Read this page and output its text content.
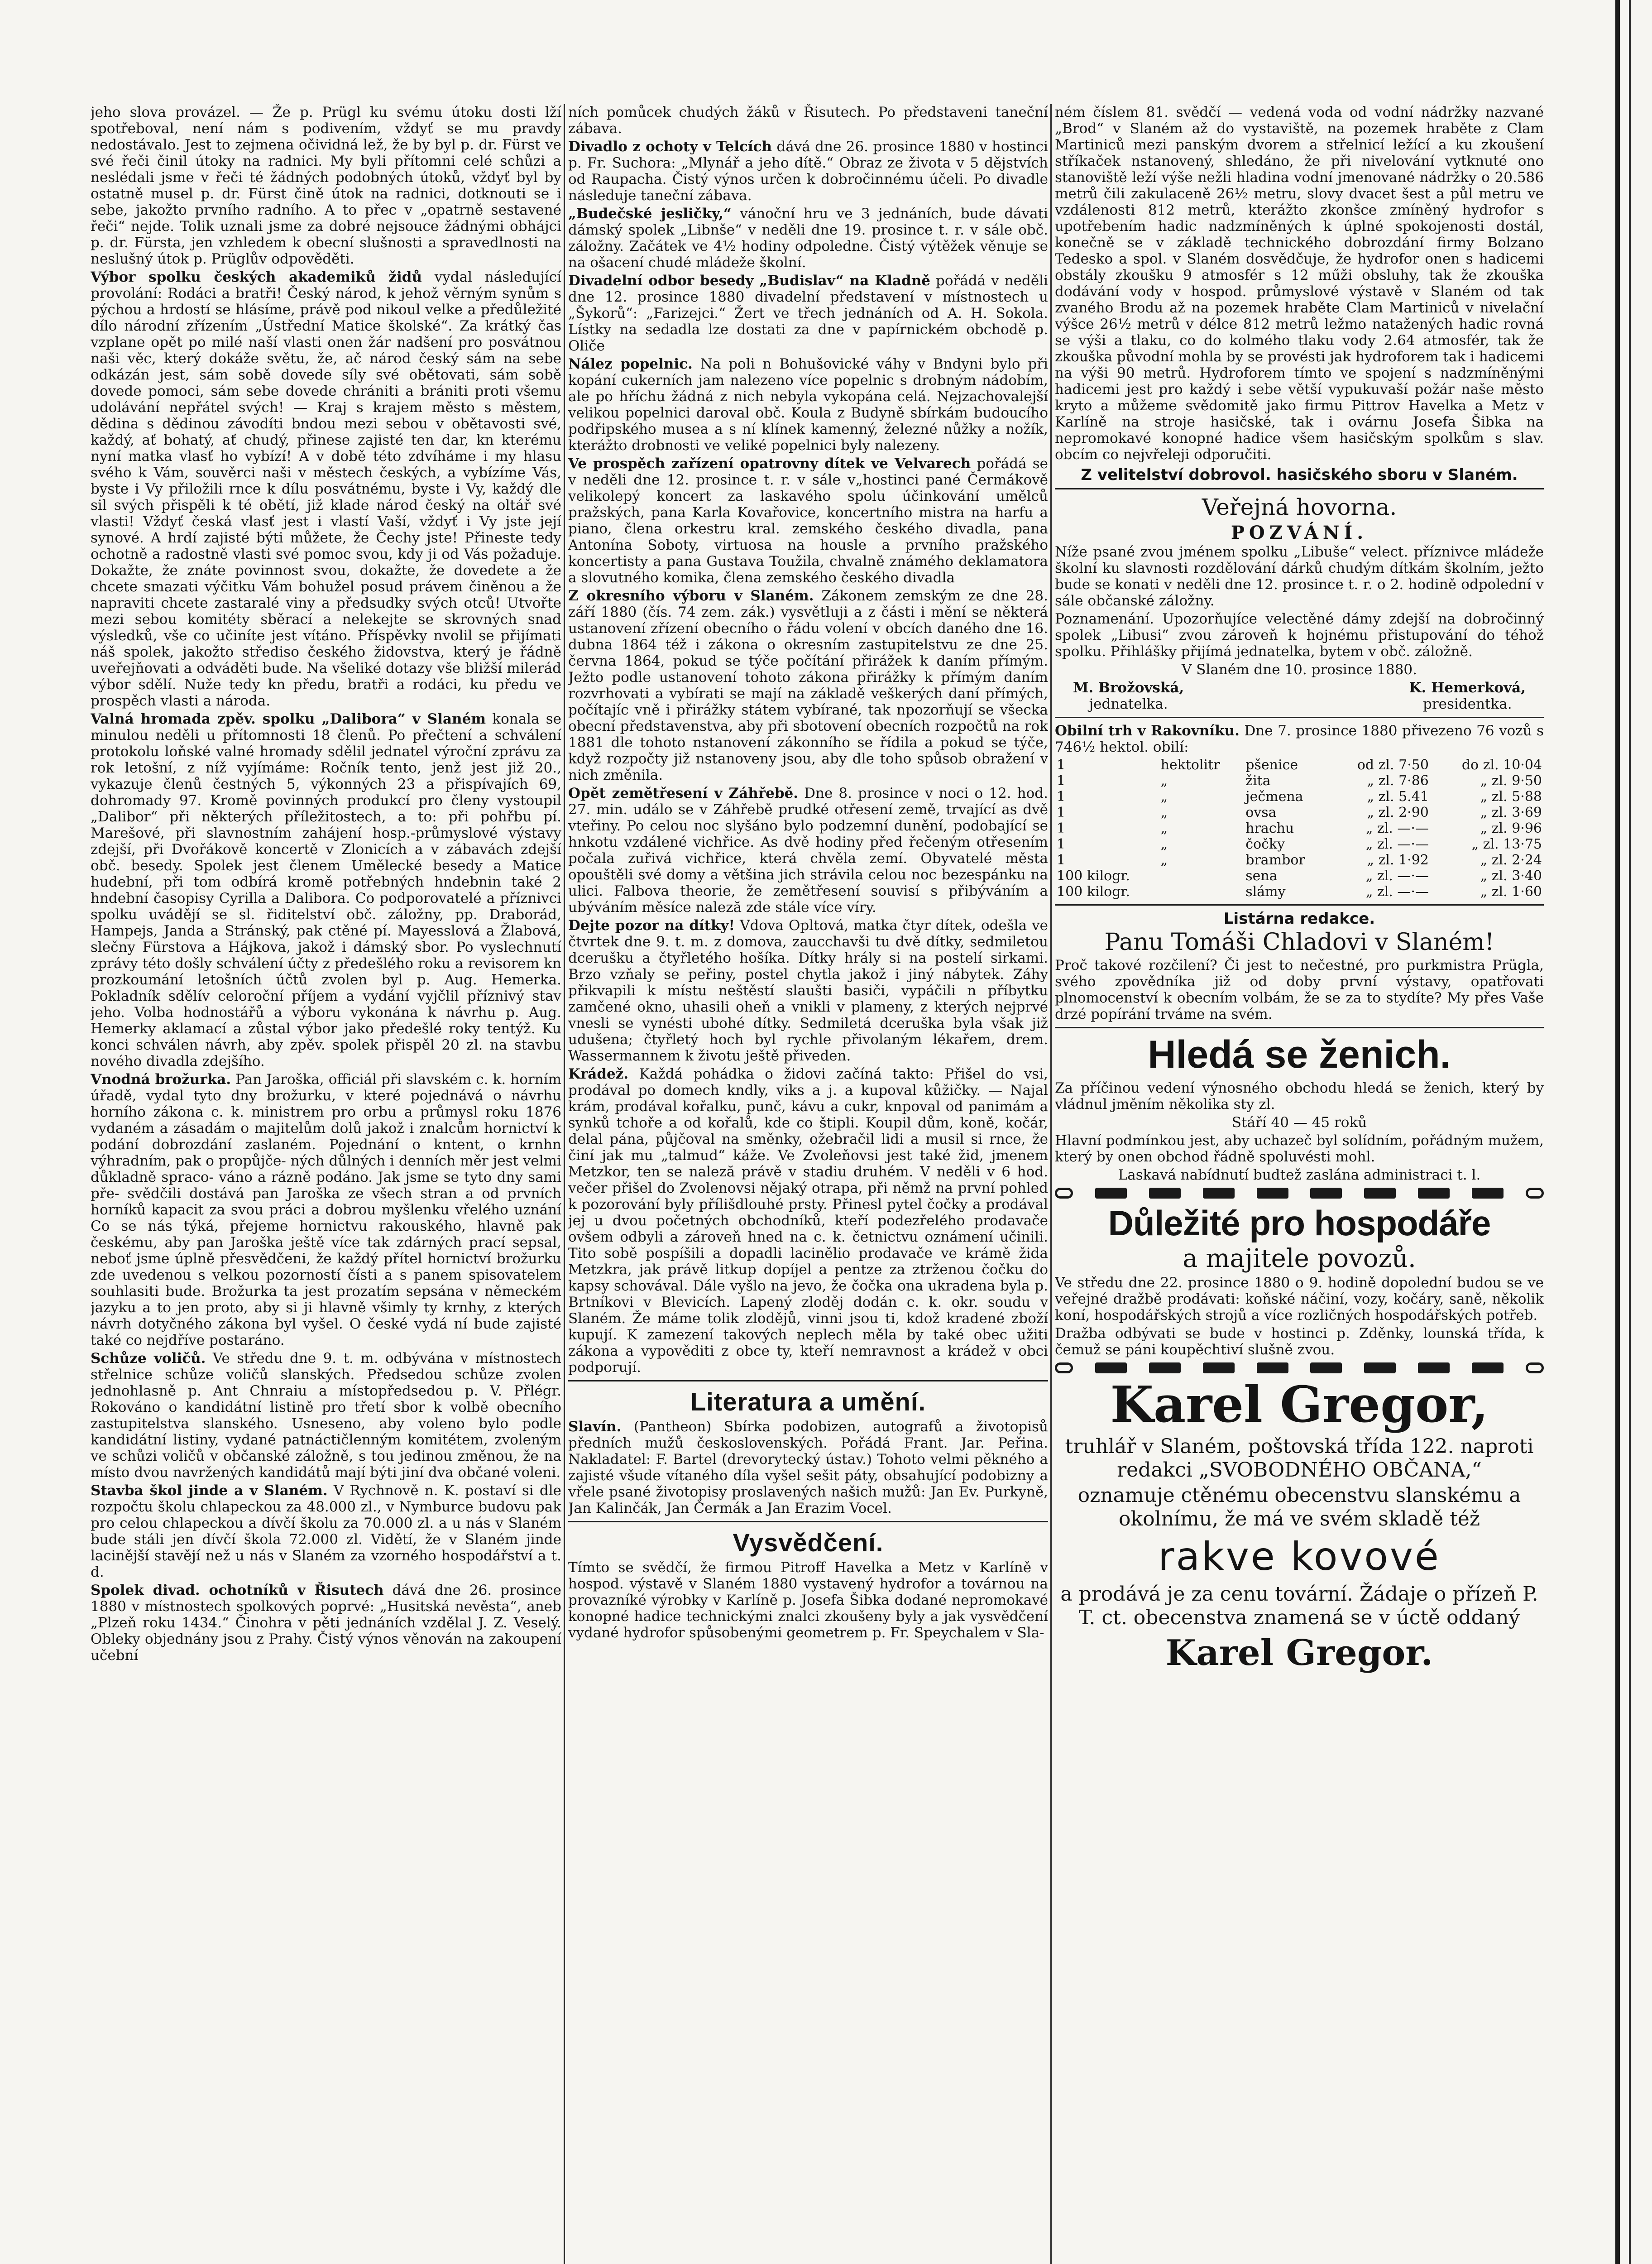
jeho slova provázel. — Že p. Prügl ku svému útoku dosti lží spotřeboval, není nám s podivením, vždyť se mu pravdy nedostávalo. Jest to zejmena očividná lež, že by byl p. dr. Fürst ve své řeči činil útoky na radnici. My byli přítomni celé schůzi a neslédali jsme v řeči té žádných podobných útoků, vždyť byl by ostatně musel p. dr. Fürst čině útok na radnici, dotknouti se i sebe, jakožto prvního radního. A to přec v „opatrně sestavené řeči“ nejde. Tolik uznali jsme za dobré nejsouce žádnými obhájci p. dr. Fürsta, jen vzhledem k obecní slušnosti a spravedlnosti na neslušný útok p. Prüglův odpověděti.

Výbor spolku českých akademiků židů vydal následující provolání: Rodáci a bratři! Český národ, k jehož věrným synům s pýchou a hrdostí se hlásíme, právě pod nikoul velke a předůležité dílo národní zřízením „Ústřední Matice školské“. Za krátký čas vzplane opět po milé naší vlasti onen žár nadšení pro posvátnou naši věc, který dokáže světu, že, ač národ český sám na sebe odkázán jest, sám sobě dovede síly své obětovati, sám sobě dovede pomoci, sám sebe dovede chrániti a brániti proti všemu udolávání nepřátel svých! — Kraj s krajem město s městem, dědina s dědinou závodíti bndou mezi sebou v obětavosti své, každý, ať bohatý, ať chudý, přinese zajisté ten dar, kn kterému nyní matka vlasť ho vybízí! A v době této zdvíháme i my hlasu svého k Vám, souvěrci naši v městech českých, a vybízíme Vás, byste i Vy přiložili rnce k dílu posvátnému, byste i Vy, každý dle sil svých přispěli k té obětí, již klade národ český na oltář své vlasti! Vždyť česká vlasť jest i vlastí Vaší, vždyť i Vy jste její synové. A hrdí zajisté býti můžete, že Čechy jste! Přineste tedy ochotně a radostně vlasti své pomoc svou, kdy ji od Vás požaduje. Dokažte, že znáte povinnost svou, dokažte, že dovedete a že chcete smazati výčitku Vám bohužel posud právem činěnou a že napraviti chcete zastaralé viny a předsudky svých otců! Utvořte mezi sebou komitéty sběrací a nelekejte se skrovných snad výsledků, vše co učiníte jest vítáno. Příspěvky nvolil se přijímati náš spolek, jakožto střediso českého židovstva, který je řádně uveřejňovati a odváděti bude. Na všeliké dotazy vše bližší milerád výbor sdělí. Nuže tedy kn předu, bratři a rodáci, ku předu ve prospěch vlasti a národa.

Valná hromada zpěv. spolku „Dalibora“ v Slaném konala se minulou neděli u přítomnosti 18 členů. Po přečtení a schválení protokolu loňské valné hromady sdělil jednatel výroční zprávu za rok letošní, z níž vyjímáme: Ročník tento, jenž jest již 20., vykazuje členů čestných 5, výkonných 23 a přispívajích 69, dohromady 97. Kromě povinných produkcí pro členy vystoupil „Dalibor“ při některých příležitostech, a to: při pohřbu pí. Marešové, při slavnostním zahájení hosp.-průmyslové výstavy zdejší, při Dvořákově koncertě v Zlonicích a v zábavách zdejší obč. besedy. Spolek jest členem Umělecké besedy a Matice hudební, při tom odbírá kromě potřebných hndebnin také 2 hndební časopisy Cyrilla a Dalibora. Co podporovatelé a příznivci spolku uvádějí se sl. řiditelství obč. záložny, pp. Draborád, Hampejs, Janda a Stránský, pak ctěné pí. Mayesslová a Žlabová, slečny Fürstova a Hájkova, jakož i dámský sbor. Po vyslechnutí zprávy této došly schválení účty z předešlého roku a revisorem kn prozkoumání letošních účtů zvolen byl p. Aug. Hemerka. Pokladník sdělív celoroční příjem a vydání vyjčlil příznivý stav jeho. Volba hodnostářů a výboru vykonána k návrhu p. Aug. Hemerky aklamací a zůstal výbor jako předešlé roky tentýž. Ku konci schválen návrh, aby zpěv. spolek přispěl 20 zl. na stavbu nového divadla zdejšího.

Vnodná brožurka. Pan Jaroška, officiál při slavském c. k. horním úřadě, vydal tyto dny brožurku, v které pojednává o návrhu horního zákona c. k. ministrem pro orbu a průmysl roku 1876 vydaném a zásadám o majitelům dolů jakož i znalcům hornictví k podání dobrozdání zaslaném. Pojednání o kntent, o krnhn výhradním, pak o propůjče- ných důlných i denních měr jest velmi důkladně spraco- váno a rázně podáno. Jak jsme se tyto dny sami pře- svědčili dostává pan Jaroška ze všech stran a od prvních horníků kapacit za svou práci a dobrou myšlenku vřelého uznání Co se nás týká, přejeme hornictvu rakouského, hlavně pak českému, aby pan Jaroška ještě více tak zdárných prací sepsal, neboť jsme úplně přesvědčeni, že každý přítel hornictví brožurku zde uvedenou s velkou pozorností čísti a s panem spisovatelem souhlasiti bude. Brožurka ta jest prozatím sepsána v německém jazyku a to jen proto, aby si ji hlavně všimly ty krnhy, z kterých návrh dotyčného zákona byl vyšel. O české vydá ní bude zajisté také co nejdříve postaráno.

Schůze voličů. Ve středu dne 9. t. m. odbývána v místnostech střelnice schůze voličů slanských. Předsedou schůze zvolen jednohlasně p. Ant Chnraiu a místopředsedou p. V. Přlégr. Rokováno o kandidátní listině pro třetí sbor k volbě obecního zastupitelstva slanského. Usneseno, aby voleno bylo podle kandidátní listiny, vydané patnáctičlenným komitétem, zvoleným ve schůzi voličů v občanské záložně, s tou jedinou změnou, že na místo dvou navržených kandidátů mají býti jiní dva občané voleni.

Stavba škol jinde a v Slaném. V Rychnově n. K. postaví si dle rozpočtu školu chlapeckou za 48.000 zl., v Nymburce budovu pak pro celou chlapeckou a dívčí školu za 70.000 zl. a u nás v Slaném bude stáli jen dívčí škola 72.000 zl. Vidětí, že v Slaném jinde lacinější stavějí než u nás v Slaném za vzorného hospodářství a t. d.

Spolek divad. ochotníků v Řisutech dává dne 26. prosince 1880 v místnostech spolkových poprvé: „Husitská nevěsta“, aneb „Plzeň roku 1434.“ Činohra v pěti jednáních vzdělal J. Z. Veselý. Obleky objednány jsou z Prahy. Čistý výnos věnován na zakoupení učební

ních pomůcek chudých žáků v Řisutech. Po představeni taneční zábava.

Divadlo z ochoty v Telcích dává dne 26. prosince 1880 v hostinci p. Fr. Suchora: „Mlynář a jeho dítě.“ Obraz ze života v 5 dějstvích od Raupacha. Čistý výnos určen k dobročinnému účeli. Po divadle následuje taneční zábava.

„Budečské jesličky,“ vánoční hru ve 3 jednáních, bude dávati dámský spolek „Libnše“ v neděli dne 19. prosince t. r. v sále obč. záložny. Začátek ve 4½ hodiny odpoledne. Čistý výtěžek věnuje se na ošacení chudé mládeže školní.

Divadelní odbor besedy „Budislav“ na Kladně pořádá v neděli dne 12. prosince 1880 divadelní představení v místnostech u „Šykorů“: „Farizejci.“ Žert ve třech jednáních od A. H. Sokola. Lístky na sedadla lze dostati za dne v papírnickém obchodě p. Oliče

Nález popelnic. Na poli n Bohušovické váhy v Bndyni bylo při kopání cukerních jam nalezeno více popelnic s drobným nádobím, ale po hříchu žádná z nich nebyla vykopána celá. Nejzachovalejší velikou popelnici daroval obč. Koula z Budyně sbírkám budoucího podřipského musea a s ní klínek kamenný, železné nůžky a nožík, kterážto drobnosti ve veliké popelnici byly nalezeny.

Ve prospěch zařízení opatrovny dítek ve Velvarech pořádá se v neděli dne 12. prosince t. r. v sále v„hostinci pané Čermákově velikolepý koncert za laskavého spolu účinkování umělců pražských, pana Karla Kovařovice, koncertního mistra na harfu a piano, člena orkestru kral. zemského českého divadla, pana Antonína Soboty, virtuosa na housle a prvního pražského koncertisty a pana Gustava Toužila, chvalně známého deklamatora a slovutného komika, člena zemského českého divadla

Z okresního výboru v Slaném. Zákonem zemským ze dne 28. září 1880 (čís. 74 zem. zák.) vysvětluji a z části i mění se některá ustanovení zřízení obecního o řádu volení v obcích daného dne 16. dubna 1864 též i zákona o okresním zastupitelstvu ze dne 25. června 1864, pokud se týče počítání přirážek k daním přímým. Ježto podle ustanovení tohoto zákona přirážky k přímým daním rozvrhovati a vybírati se mají na základě veškerých daní přímých, počítajíc vně i přirážky státem vybírané, tak npozorňují se všecka obecní představenstva, aby při sbotovení obecních rozpočtů na rok 1881 dle tohoto nstanovení zákonního se řídila a pokud se týče, když rozpočty již nstanoveny jsou, aby dle toho spůsob obražení v nich změnila.

Opět zemětřesení v Záhřebě. Dne 8. prosince v noci o 12. hod. 27. min. událo se v Záhřebě prudké otřesení země, trvající as dvě vteřiny. Po celou noc slyšáno bylo podzemní dunění, podobající se hnkotu vzdálené vichřice. As dvě hodiny před řečeným otřesením počala zuřivá vichřice, která chvěla zemí. Obyvatelé města opouštěli své domy a většina jich strávila celou noc bezespánku na ulici. Falbova theorie, že zemětřesení souvisí s přibýváním a ubýváním měsíce naleză zde stále více víry.

Dejte pozor na dítky! Vdova Opltová, matka čtyr dítek, odešla ve čtvrtek dne 9. t. m. z domova, zaucchavši tu dvě dítky, sedmiletou dcerušku a čtyřletého hošíka. Dítky hrály si na postelí sirkami. Brzo vzňaly se peřiny, postel chytla jakož i jiný nábytek. Záhy přikvapili k místu neštěstí slaušti basiči, vypáčili n příbytku zamčené okno, uhasili oheň a vnikli v plameny, z kterých nejprvé vnesli se vynésti ubohé dítky. Sedmiletá dceruška byla však již udušena; čtyřletý hoch byl rychle přivolaným lékařem, drem. Wassermannem k životu ještě přiveden.

Krádež. Každá pohádka o židovi začíná takto: Přišel do vsi, prodával po domech kndly, viks a j. a kupoval kůžičky. — Najal krám, prodával kořalku, punč, kávu a cukr, knpoval od panimám a synků tchoře a od kořalů, kde co štipli. Koupil dům, koně, kočár, delal pána, půjčoval na směnky, ožebračil lidi a musil si rnce, že činí jak mu „talmud“ káže. Ve Zvoleňovsi jest také žid, jmenem Metzkor, ten se naleză právě v stadiu druhém. V neděli v 6 hod. večer přišel do Zvolenovsi nějaký otrapa, při němž na první pohled k pozorování byly přílišdlouhé prsty. Přinesl pytel čočky a prodával jej u dvou početných obchodníků, kteří podezřelého prodavače ovšem odbyli a zároveň hned na c. k. četnictvu oznámení učinili. Tito sobě pospíšili a dopadli lacinělio prodavače ve krámě žida Metzkra, jak právě litkup dopíjel a pentze za ztrženou čočku do kapsy schovával. Dále vyšlo na jevo, že čočka ona ukradena byla p. Brtníkovi v Blevicích. Lapený zloděj dodán c. k. okr. soudu v Slaném. Že máme tolik zlodějů, vinni jsou ti, kdož kradené zboží kupují. K zamezení takových neplech měla by také obec užiti zákona a vypověditi z obce ty, kteří nemravnost a krádež v obci podporují.

Literatura a umění.

Slavín. (Pantheon) Sbírka podobizen, autografů a životopisů předních mužů československých. Pořádá Frant. Jar. Peřina. Nakladatel: F. Bartel (drevorytecký ústav.) Tohoto velmi pěkného a zajisté všude vítaného díla vyšel sešit páty, obsahující podobizny a vřele psané životopisy proslavených našich mužů: Jan Ev. Purkyně, Jan Kalinčák, Jan Čermák a Jan Erazim Vocel.

Vysvědčení.

Tímto se svědčí, že firmou Pitroff Havelka a Metz v Karlíně v hospod. výstavě v Slaném 1880 vystavený hydrofor a továrnou na provazníké výrobky v Karlíně p. Josefa Šibka dodané nepromokavé konopné hadice technickými znalci zkoušeny byly a jak vysvědčení vydané hydrofor spůsobenými geometrem p. Fr. Speychalem v Sla-

ném číslem 81. svědčí — vedená voda od vodní nádržky nazvané „Brod“ v Slaném až do vystaviště, na pozemek hraběte z Clam Martiniců mezi panským dvorem a střelnicí ležící a ku zkoušení stříkaček nstanovený, shledáno, že při nivelování vytknuté ono stanoviště leží výše nežli hladina vodní jmenované nádržky o 20.586 metrů čili zakulaceně 26½ metru, slovy dvacet šest a půl metru ve vzdálenosti 812 metrů, kterážto zkonšce zmíněný hydrofor s upotřebením hadic nadzmíněných k úplné spokojenosti dostál, konečně se v základě technického dobrozdání firmy Bolzano Tedesko a spol. v Slaném dosvědčuje, že hydrofor onen s hadicemi obstály zkoušku 9 atmosfér s 12 műži obsluhy, tak že zkouška dodávání vody v hospod. průmyslové výstavě v Slaném od tak zvaného Brodu až na pozemek hraběte Clam Martiniců v nivelační výšce 26½ metrů v délce 812 metrů ležmo natažených hadic rovná se výši a tlaku, co do kolmého tlaku vody 2.64 atmosfér, tak že zkouška původní mohla by se provésti jak hydroforem tak i hadicemi na výši 90 metrů. Hydroforem tímto ve spojení s nadzmíněnými hadicemi jest pro každý i sebe větší vypukuvaší požár naše město kryto a můžeme svědomitě jako firmu Pittrov Havelka a Metz v Karlíně na stroje hasičské, tak i ovárnu Josefa Šibka na nepromokavé konopné hadice všem hasičským spolkům s slav. obcím co nejvřeleji odporučiti.

Z velitelství dobrovol. hasičského sboru v Slaném.
Veřejná hovorna.
POZVÁNÍ.

Níže psané zvou jménem spolku „Libuše“ velect. příznivce mládeže školní ku slavnosti rozdělování dárků chudým dítkám školním, ježto bude se konati v neděli dne 12. prosince t. r. o 2. hodině odpolední v sále občanské záložny.

Poznamenání. Upozorňujíce velectěné dámy zdejší na dobročinný spolek „Libusi“ zvou zároveň k hojnému přistupování do téhož spolku. Přihlášky přijímá jednatelka, bytem v obč. záložně.

V Slaném dne 10. prosince 1880.

M. Brožovská,
jednatelka.
K. Hemerková,
presidentka.

Obilní trh v Rakovníku. Dne 7. prosince 1880 přivezeno 76 vozů s 746½ hektol. obilí:

1	hektolitr	pšenice	od zl. 7·50	do zl. 10·04
1	„	žita	„ zl. 7·86	„ zl. 9·50
1	„	ječmena	„ zl. 5.41	„ zl. 5·88
1	„	ovsa	„ zl. 2·90	„ zl. 3·69
1	„	hrachu	„ zl. —·—	„ zl. 9·96
1	„	čočky	„ zl. —·—	„ zl. 13·75
1	„	brambor	„ zl. 1·92	„ zl. 2·24
100 kilogr.		sena	„ zl. —·—	„ zl. 3·40
100 kilogr.		slámy	„ zl. —·—	„ zl. 1·60
Listárna redakce.
Panu Tomáši Chladovi v Slaném!

Proč takové rozčilení? Či jest to nečestné, pro purkmistra Prügla, svého zpovědníka již od doby první výstavy, opatřovati plnomocenství k obecním volbám, že se za to stydíte? My přes Vaše drzé popírání trváme na svém.

Hledá se ženich.

Za příčinou vedení výnosného obchodu hledá se ženich, který by vládnul jměním několika sty zl.

Stáří 40 — 45 roků

Hlavní podmínkou jest, aby uchazeč byl solídním, pořádným mužem, který by onen obchod řádně spoluvésti mohl.

Laskavá nabídnutí budtež zaslána administraci t. l.

Důležité pro hospodáře
a majitele povozů.

Ve středu dne 22. prosince 1880 o 9. hodině dopolední budou se ve veřejné dražbě prodávati: koňské náčiní, vozy, kočáry, saně, několik koní, hospodářských strojů a více rozličných hospodářských potřeb.

Dražba odbývati se bude v hostinci p. Zděnky, lounská třída, k čemuž se páni koupěchtiví slušně zvou.

Karel Gregor,

truhlář v Slaném, poštovská třída 122. naproti redakci „SVOBODNÉHO OBČANA,“

oznamuje ctěnému obecenstvu slanskému a okolnímu, že má ve svém skladě též

rakve kovové

a prodává je za cenu tovární. Žádaje o přízeň P. T. ct. obecenstva znamená se v úctě oddaný

Karel Gregor.
